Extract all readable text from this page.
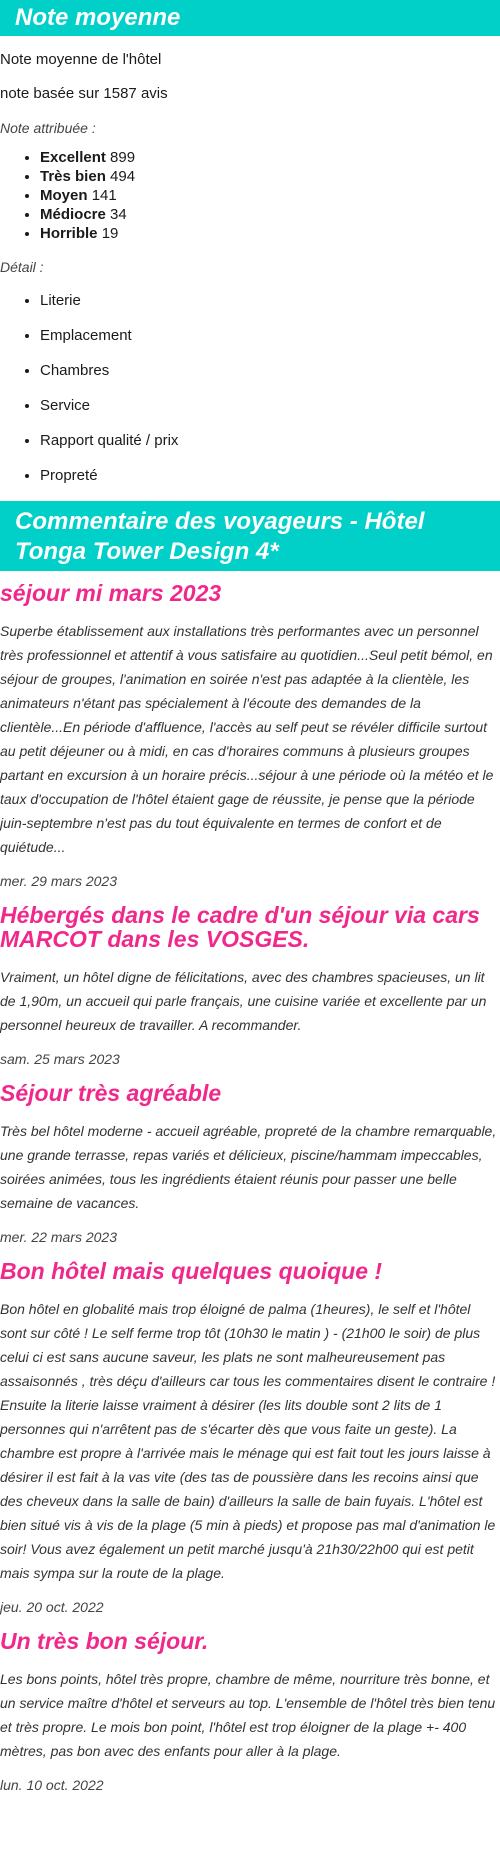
Note moyenne

Note moyenne de l'hôtel

note basée sur 1587 avis

Note attribuée :

• Excellent 899
• Très bien 494
• Moyen 141
• Médiocre 34
• Horrible 19

Détail :

• Literie
• Emplacement
• Chambres
• Service
• Rapport qualité / prix
• Propreté
Commentaire des voyageurs - Hôtel Tonga Tower Design 4*
séjour mi mars 2023

Superbe établissement aux installations très performantes avec un personnel très professionnel et attentif à vous satisfaire au quotidien...Seul petit bémol, en séjour de groupes, l'animation en soirée n'est pas adaptée à la clientèle, les animateurs n'étant pas spécialement à l'écoute des demandes de la clientèle...En période d'affluence, l'accès au self peut se révéler difficile surtout au petit déjeuner ou à midi, en cas d'horaires communs à plusieurs groupes partant en excursion à un horaire précis...séjour à une période où la météo et le taux d'occupation de l'hôtel étaient gage de réussite, je pense que la période juin-septembre n'est pas du tout équivalente en termes de confort et de quiétude...

mer. 29 mars 2023

Hébergés dans le cadre d'un séjour via cars MARCOT dans les VOSGES.

Vraiment, un hôtel digne de félicitations, avec des chambres spacieuses, un lit de 1,90m, un accueil qui parle français, une cuisine variée et excellente par un personnel heureux de travailler. A recommander.

sam. 25 mars 2023

Séjour très agréable

Très bel hôtel moderne - accueil agréable, propreté de la chambre remarquable, une grande terrasse, repas variés et délicieux, piscine/hammam impeccables, soirées animées, tous les ingrédients étaient réunis pour passer une belle semaine de vacances.

mer. 22 mars 2023

Bon hôtel mais quelques quoique !

Bon hôtel en globalité mais trop éloigné de palma (1heures), le self et l'hôtel sont sur côté ! Le self ferme trop tôt (10h30 le matin ) - (21h00 le soir) de plus celui ci est sans aucune saveur, les plats ne sont malheureusement pas assaisonnés , très déçu d'ailleurs car tous les commentaires disent le contraire ! Ensuite la literie laisse vraiment à désirer (les lits double sont 2 lits de 1 personnes qui n'arrêtent pas de s'écarter dès que vous faite un geste). La chambre est propre à l'arrivée mais le ménage qui est fait tout les jours laisse à désirer il est fait à la vas vite (des tas de poussière dans les recoins ainsi que des cheveux dans la salle de bain) d'ailleurs la salle de bain fuyais. L'hôtel est bien situé vis à vis de la plage (5 min à pieds) et propose pas mal d'animation le soir! Vous avez également un petit marché jusqu'à 21h30/22h00 qui est petit mais sympa sur la route de la plage.

jeu. 20 oct. 2022

Un très bon séjour.

Les bons points, hôtel très propre, chambre de même, nourriture très bonne, et un service maître d'hôtel et serveurs au top. L'ensemble de l'hôtel très bien tenu et très propre. Le mois bon point, l'hôtel est trop éloigner de la plage +- 400 mètres, pas bon avec des enfants pour aller à la plage.

lun. 10 oct. 2022
